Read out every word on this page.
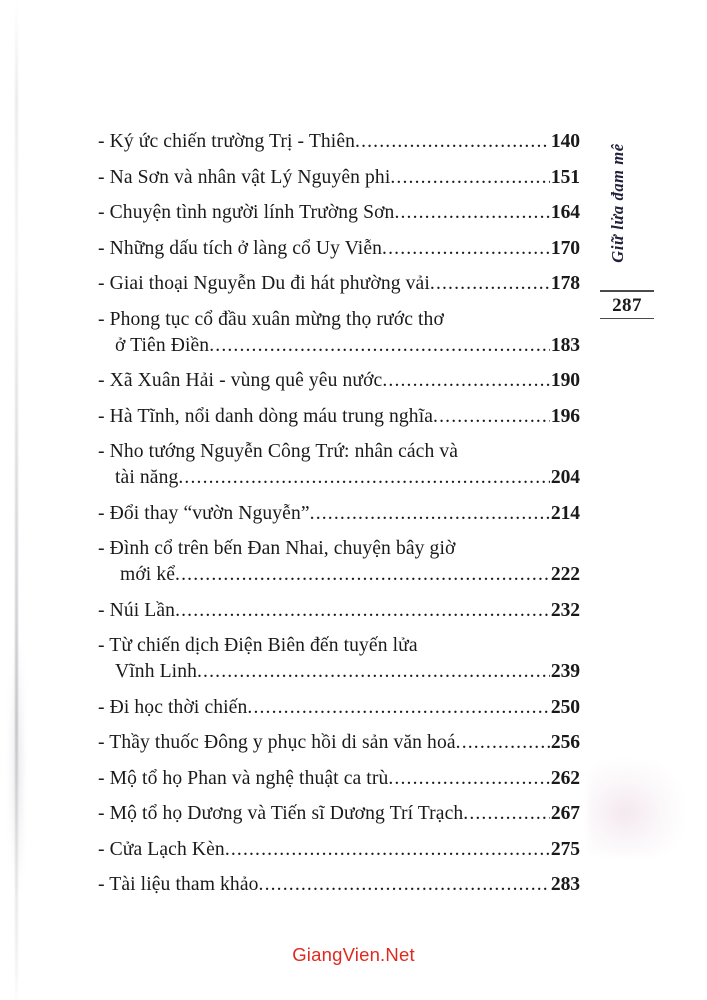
- Ký ức chiến trường Trị - Thiên .....	140
- Na Sơn và nhân vật Lý Nguyên phi .....	151
- Chuyện tình người lính Trường Sơn .....	164
- Những dấu tích ở làng cổ Uy Viễn .....	170
- Giai thoại Nguyễn Du đi hát phường vải .....	178
- Phong tục cổ đầu xuân mừng thọ rước thơ
ở Tiên Điền .....	183
- Xã Xuân Hải - vùng quê yêu nước .....	190
- Hà Tĩnh, nổi danh dòng máu trung nghĩa .....	196
- Nho tướng Nguyễn Công Trứ: nhân cách và
tài năng .....	204
- Đổi thay “vườn Nguyễn” .....	214
- Đình cổ trên bến Đan Nhai, chuyện bây giờ
mới kể .....	222
- Núi Lần .....	232
- Từ chiến dịch Điện Biên đến tuyến lửa
Vĩnh Linh .....	239
- Đi học thời chiến .....	250
- Thầy thuốc Đông y phục hồi di sản văn hoá .....	256
- Mộ tổ họ Phan và nghệ thuật ca trù .....	262
- Mộ tổ họ Dương và Tiến sĩ Dương Trí Trạch .....	267
- Cửa Lạch Kèn .....	275
- Tài liệu tham khảo .....	283
Giữ lửa đam mê
287
GiangVien.Net
